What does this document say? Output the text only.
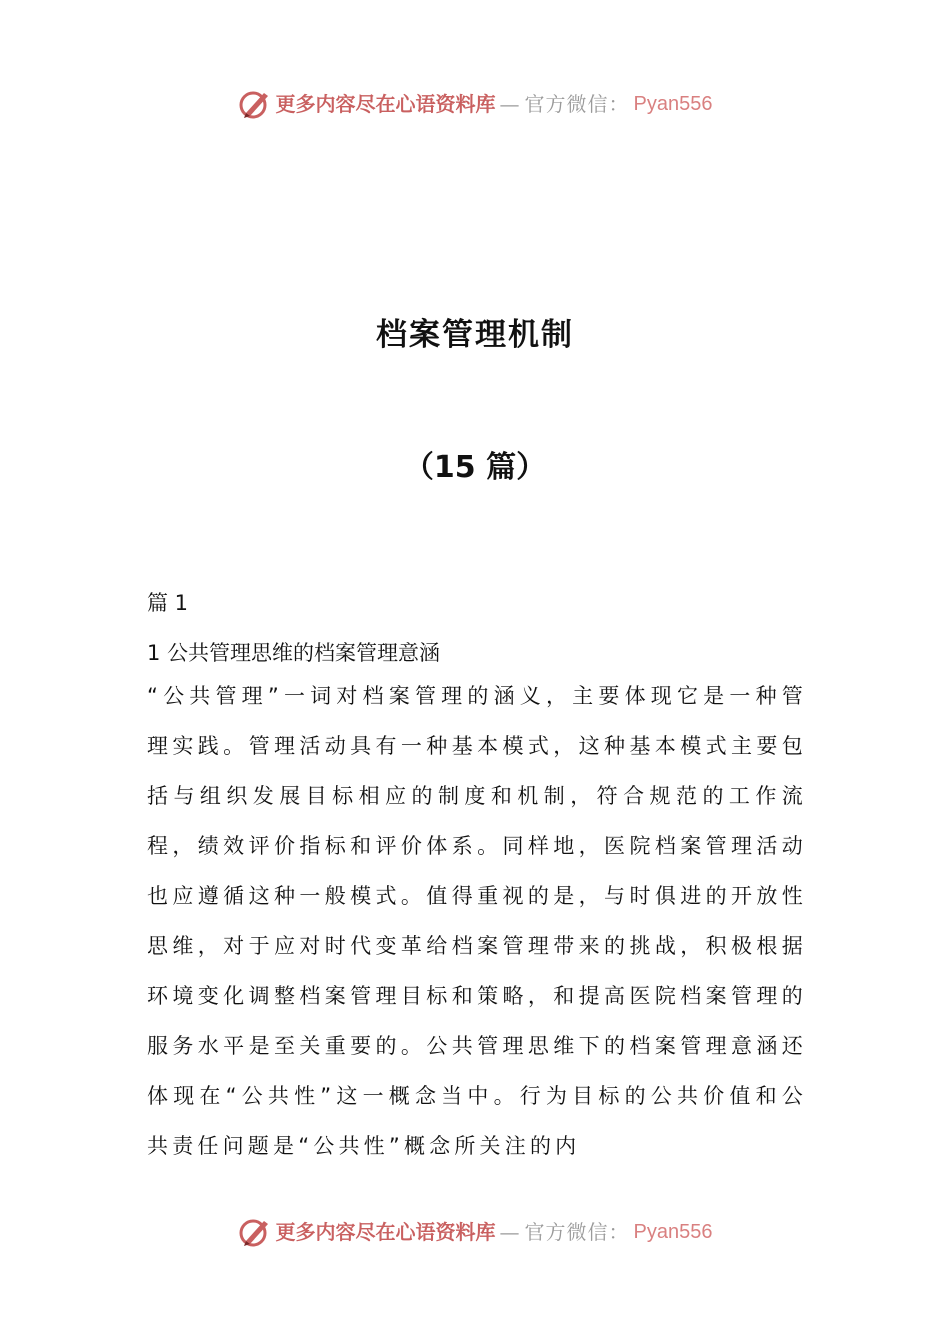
更多内容尽在心语资料库 — 官方微信： Pyan556
档案管理机制
（15 篇）

篇 1

1 公共管理思维的档案管理意涵

“公共管理”一词对档案管理的涵义，主要体现它是一种管理实践。管理活动具有一种基本模式，这种基本模式主要包括与组织发展目标相应的制度和机制，符合规范的工作流程，绩效评价指标和评价体系。同样地，医院档案管理活动也应遵循这种一般模式。值得重视的是，与时俱进的开放性思维，对于应对时代变革给档案管理带来的挑战，积极根据环境变化调整档案管理目标和策略，和提高医院档案管理的服务水平是至关重要的。公共管理思维下的档案管理意涵还体现在“公共性”这一概念当中。行为目标的公共价值和公共责任问题是“公共性”概念所关注的内

更多内容尽在心语资料库 — 官方微信： Pyan556
